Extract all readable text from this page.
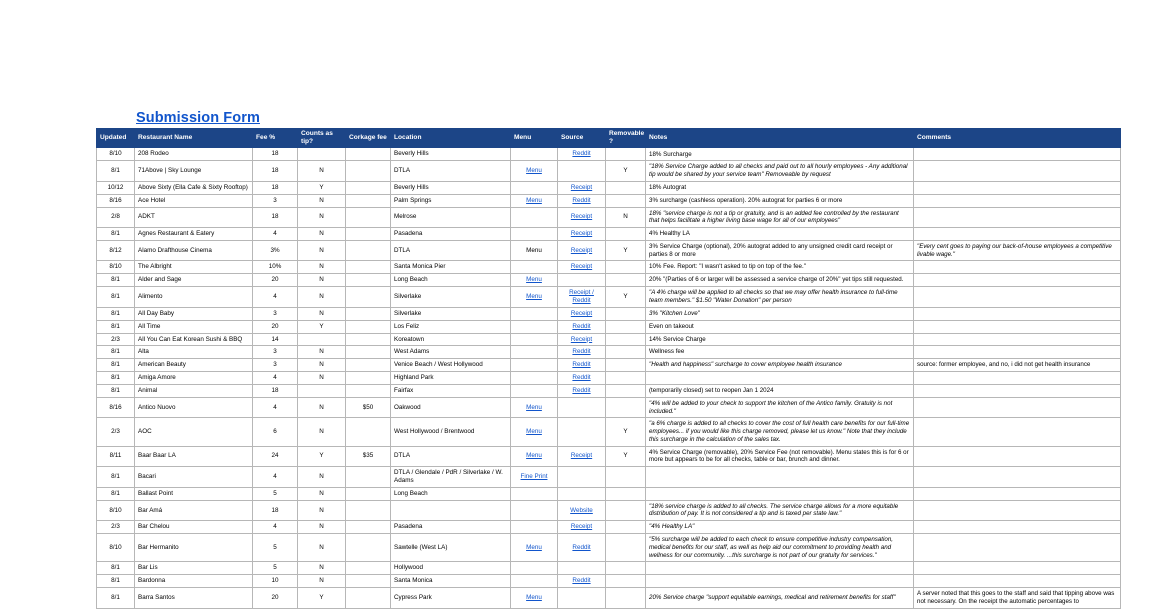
Submission Form
Updated	Restaurant Name	Fee %	Counts as tip?	Corkage fee	Location	Menu	Source	Removable ?	Notes	Comments
8/10	208 Rodeo	18			Beverly Hills		Reddit		18% Surcharge	
8/1	71Above | Sky Lounge	18	N		DTLA	Menu		Y	"18% Service Charge added to all checks and paid out to all hourly employees - Any additional tip would be shared by your service team" Removeable by request	
10/12	Above Sixty (Ella Cafe & Sixty Rooftop)	18	Y		Beverly Hills		Receipt		18% Autograt	
8/16	Ace Hotel	3	N		Palm Springs	Menu	Reddit		3% surcharge (cashless operation). 20% autograt for parties 6 or more	
2/8	ADKT	18	N		Melrose		Receipt	N	18% "service charge is not a tip or gratuity, and is an added fee controlled by the restaurant that helps facilitate a higher living base wage for all of our employees"	
8/1	Agnes Restaurant & Eatery	4	N		Pasadena		Receipt		4% Healthy LA	
8/12	Alamo Drafthouse Cinema	3%	N		DTLA	Menu	Receipt	Y	3% Service Charge (optional), 20% autograt added to any unsigned credit card receipt or parties 8 or more	"Every cent goes to paying our back-of-house employees a competitive livable wage."
8/10	The Albright	10%	N		Santa Monica Pier		Receipt		10% Fee. Report: "I wasn't asked to tip on top of the fee."	
8/1	Alder and Sage	20	N		Long Beach	Menu			20% "(Parties of 6 or larger will be assessed a service charge of 20%" yet tips still requested.	
8/1	Alimento	4	N		Silverlake	Menu	Receipt / Reddit	Y	"A 4% charge will be applied to all checks so that we may offer health insurance to full-time team members." $1.50 "Water Donation" per person	
8/1	All Day Baby	3	N		Silverlake		Receipt		3% "Kitchen Love"	
8/1	All Time	20	Y		Los Feliz		Reddit		Even on takeout	
2/3	All You Can Eat Korean Sushi & BBQ	14			Koreatown		Receipt		14% Service Charge	
8/1	Alta	3	N		West Adams		Reddit		Wellness fee	
8/1	American Beauty	3	N		Venice Beach / West Hollywood		Reddit		"Health and happiness" surcharge to cover employee health insurance	source: former employee, and no, i did not get health insurance
8/1	Amiga Amore	4	N		Highland Park		Reddit			
8/1	Animal	18			Fairfax		Reddit		(temporarily closed) set to reopen Jan 1 2024	
8/16	Antico Nuovo	4	N	$50	Oakwood	Menu			"4% will be added to your check to support the kitchen of the Antico family. Gratuity is not included."	
2/3	AOC	6	N		West Hollywood / Brentwood	Menu		Y	"a 6% charge is added to all checks to cover the cost of full health care benefits for our full-time employees... if you would like this charge removed, please let us know." Note that they include this surcharge in the calculation of the sales tax.	
8/11	Baar Baar LA	24	Y	$35	DTLA	Menu	Receipt	Y	4% Service Charge (removable), 20% Service Fee (not removable). Menu states this is for 6 or more but appears to be for all checks, table or bar, brunch and dinner.	
8/1	Bacari	4	N		DTLA / Glendale / PdR / Silverlake / W. Adams	Fine Print				
8/1	Ballast Point	5	N		Long Beach					
8/10	Bar Amá	18	N				Website		"18% service charge is added to all checks. The service charge allows for a more equitable distribution of pay. It is not considered a tip and is taxed per state law."	
2/3	Bar Chelou	4	N		Pasadena		Receipt		"4% Healthy LA"	
8/10	Bar Hermanito	5	N		Sawtelle (West LA)	Menu	Reddit		"5% surcharge will be added to each check to ensure competitive industry compensation, medical benefits for our staff, as well as help aid our commitment to providing health and wellness for our community. ...this surcharge is not part of our gratuity for services."	
8/1	Bar Lis	5	N		Hollywood					
8/1	Bardonna	10	N		Santa Monica		Reddit			
8/1	Barra Santos	20	Y		Cypress Park	Menu			20% Service charge "support equitable earnings, medical and retirement benefits for staff"	A server noted that this goes to the staff and said that tipping above was not necessary. On the receipt the automatic percentages to
